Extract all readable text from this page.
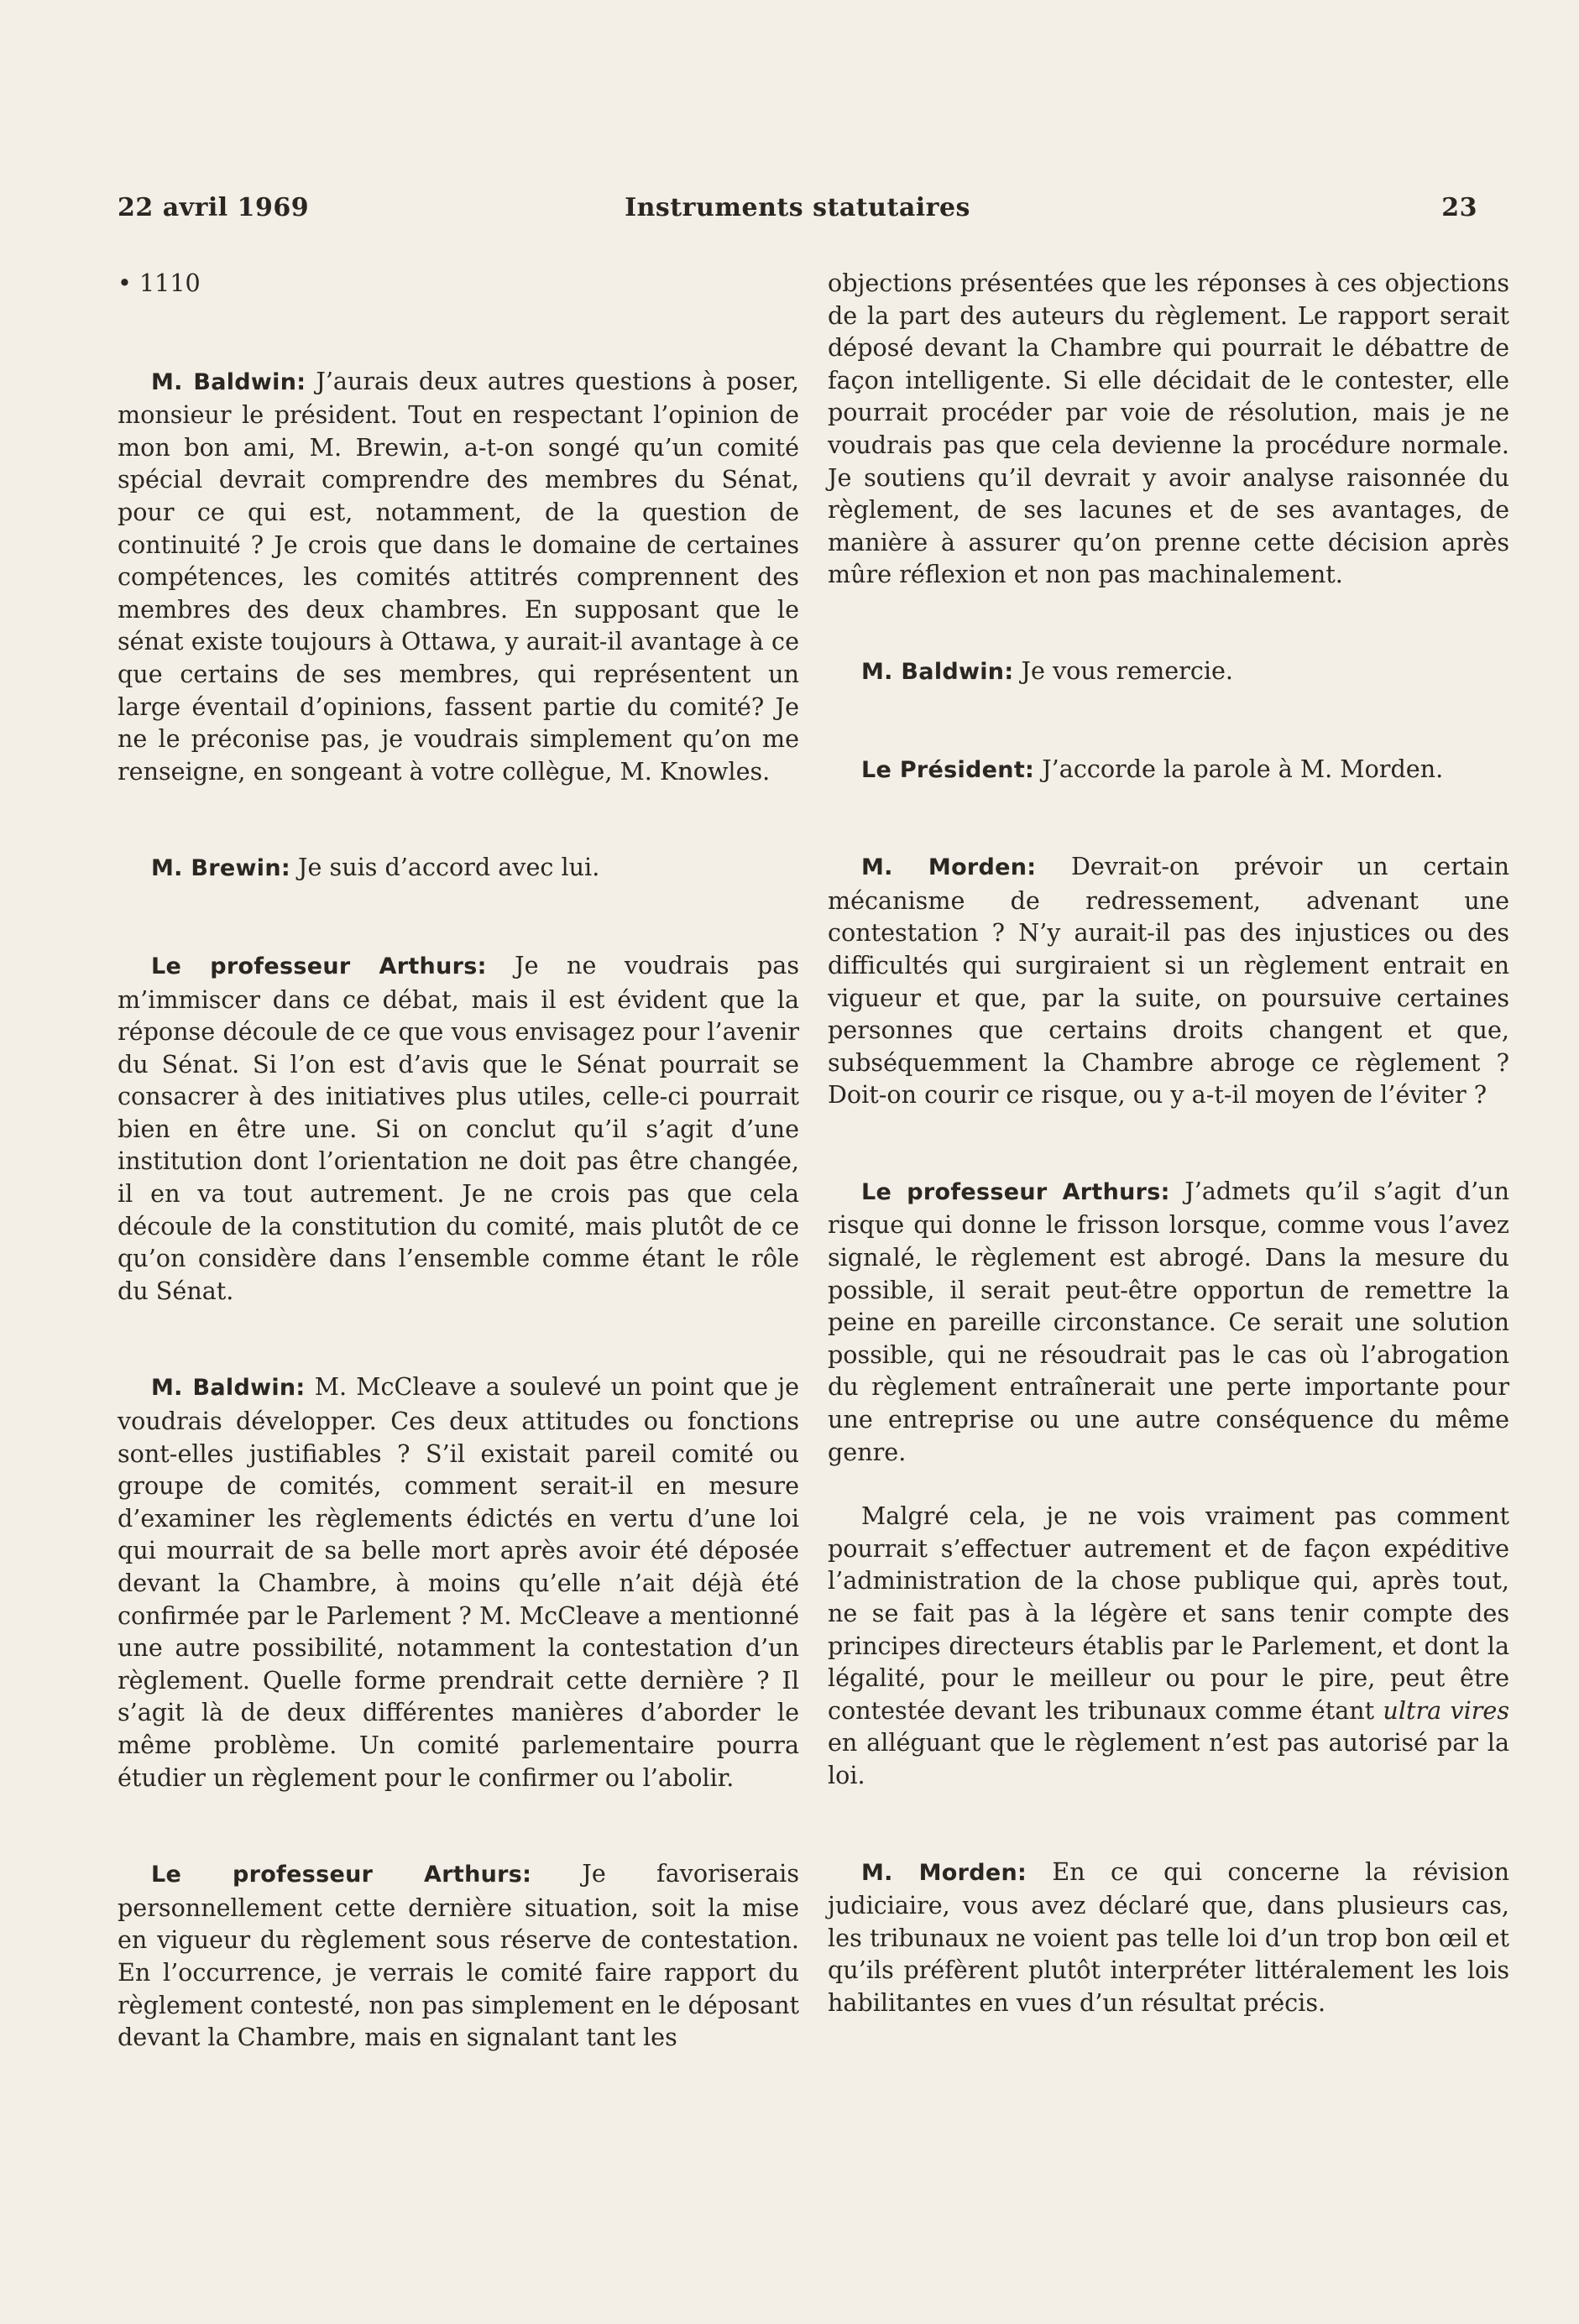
22 avril 1969	Instruments statutaires	23

• 1110

M. Baldwin: J’aurais deux autres questions à poser, monsieur le président. Tout en respectant l’opinion de mon bon ami, M. Brewin, a-t-on songé qu’un comité spécial devrait comprendre des membres du Sénat, pour ce qui est, notamment, de la question de continuité ? Je crois que dans le domaine de certaines compétences, les comités attitrés comprennent des membres des deux chambres. En supposant que le sénat existe toujours à Ottawa, y aurait-il avantage à ce que certains de ses membres, qui représentent un large éventail d’opinions, fassent partie du comité? Je ne le préconise pas, je voudrais simplement qu’on me renseigne, en songeant à votre collègue, M. Knowles.

M. Brewin: Je suis d’accord avec lui.

Le professeur Arthurs: Je ne voudrais pas m’immiscer dans ce débat, mais il est évident que la réponse découle de ce que vous envisagez pour l’avenir du Sénat. Si l’on est d’avis que le Sénat pourrait se consacrer à des initiatives plus utiles, celle-ci pourrait bien en être une. Si on conclut qu’il s’agit d’une institution dont l’orientation ne doit pas être changée, il en va tout autrement. Je ne crois pas que cela découle de la constitution du comité, mais plutôt de ce qu’on considère dans l’ensemble comme étant le rôle du Sénat.

M. Baldwin: M. McCleave a soulevé un point que je voudrais développer. Ces deux attitudes ou fonctions sont-elles justifiables ? S’il existait pareil comité ou groupe de comités, comment serait-il en mesure d’examiner les règlements édictés en vertu d’une loi qui mourrait de sa belle mort après avoir été déposée devant la Chambre, à moins qu’elle n’ait déjà été confirmée par le Parlement ? M. McCleave a mentionné une autre possibilité, notamment la contestation d’un règlement. Quelle forme prendrait cette dernière ? Il s’agit là de deux différentes manières d’aborder le même problème. Un comité parlementaire pourra étudier un règlement pour le confirmer ou l’abolir.

Le professeur Arthurs: Je favoriserais personnellement cette dernière situation, soit la mise en vigueur du règlement sous réserve de contestation. En l’occurrence, je verrais le comité faire rapport du règlement contesté, non pas simplement en le déposant devant la Chambre, mais en signalant tant les

objections présentées que les réponses à ces objections de la part des auteurs du règlement. Le rapport serait déposé devant la Chambre qui pourrait le débattre de façon intelligente. Si elle décidait de le contester, elle pourrait procéder par voie de résolution, mais je ne voudrais pas que cela devienne la procédure normale. Je soutiens qu’il devrait y avoir analyse raisonnée du règlement, de ses lacunes et de ses avantages, de manière à assurer qu’on prenne cette décision après mûre réflexion et non pas machinalement.

M. Baldwin: Je vous remercie.

Le Président: J’accorde la parole à M. Morden.

M. Morden: Devrait-on prévoir un certain mécanisme de redressement, advenant une contestation ? N’y aurait-il pas des injustices ou des difficultés qui surgiraient si un règlement entrait en vigueur et que, par la suite, on poursuive certaines personnes que certains droits changent et que, subséquemment la Chambre abroge ce règlement ? Doit-on courir ce risque, ou y a-t-il moyen de l’éviter ?

Le professeur Arthurs: J’admets qu’il s’agit d’un risque qui donne le frisson lorsque, comme vous l’avez signalé, le règlement est abrogé. Dans la mesure du possible, il serait peut-être opportun de remettre la peine en pareille circonstance. Ce serait une solution possible, qui ne résoudrait pas le cas où l’abrogation du règlement entraînerait une perte importante pour une entreprise ou une autre conséquence du même genre.

Malgré cela, je ne vois vraiment pas comment pourrait s’effectuer autrement et de façon expéditive l’administration de la chose publique qui, après tout, ne se fait pas à la légère et sans tenir compte des principes directeurs établis par le Parlement, et dont la légalité, pour le meilleur ou pour le pire, peut être contestée devant les tribunaux comme étant ultra vires en alléguant que le règlement n’est pas autorisé par la loi.

M. Morden: En ce qui concerne la révision judiciaire, vous avez déclaré que, dans plusieurs cas, les tribunaux ne voient pas telle loi d’un trop bon œil et qu’ils préfèrent plutôt interpréter littéralement les lois habilitantes en vues d’un résultat précis.
